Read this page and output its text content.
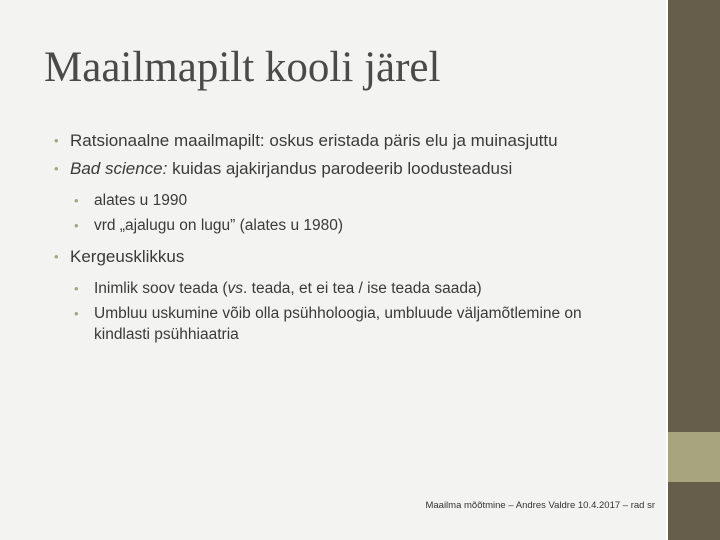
Maailmapilt kooli järel
• Ratsionaalne maailmapilt: oskus eristada päris elu ja muinasjuttu
• Bad science: kuidas ajakirjandus parodeerib loodusteadusi
• alates u 1990
• vrd „ajalugu on lugu” (alates u 1980)
• Kergeusklikkus
• Inimlik soov teada (vs. teada, et ei tea / ise teada saada)
• Umbluu uskumine võib olla psühholoogia, umbluude väljamõtlemine on kindlasti psühhiaatria
Maailma mõõtmine – Andres Valdre 10.4.2017 – rad sr
